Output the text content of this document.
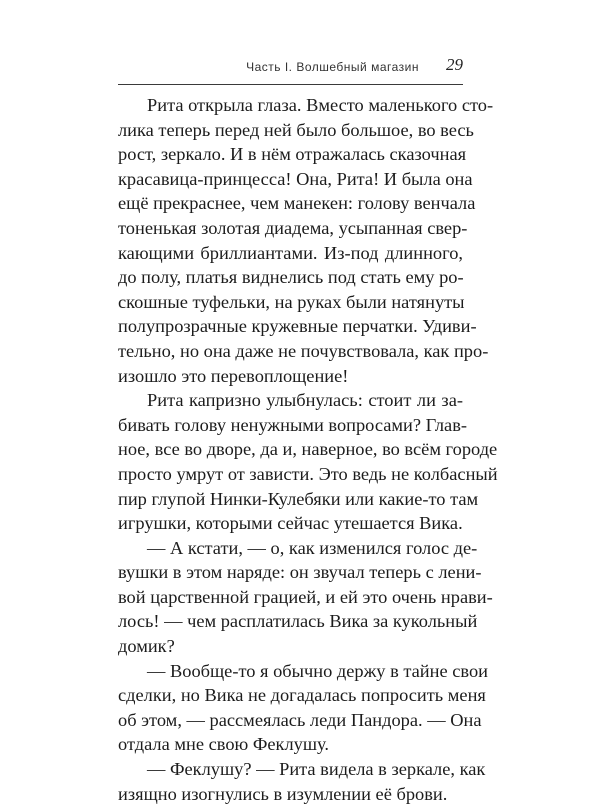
Часть I. Волшебный магазин 29
Рита открыла глаза. Вместо маленького сто-
лика теперь перед ней было большое, во весь
рост, зеркало. И в нём отражалась сказочная
красавица-принцесса! Она, Рита! И была она
ещё прекраснее, чем манекен: голову венчала
тоненькая золотая диадема, усыпанная свер-
кающими бриллиантами. Из-под длинного,
до полу, платья виднелись под стать ему ро-
скошные туфельки, на руках были натянуты
полупрозрачные кружевные перчатки. Удиви-
тельно, но она даже не почувствовала, как про-
изошло это перевоплощение!
Рита капризно улыбнулась: стоит ли за-
бивать голову ненужными вопросами? Глав-
ное, все во дворе, да и, наверное, во всём городе
просто умрут от зависти. Это ведь не колбасный
пир глупой Нинки-Кулебяки или какие-то там
игрушки, которыми сейчас утешается Вика.
— А кстати, — о, как изменился голос де-
вушки в этом наряде: он звучал теперь с лени-
вой царственной грацией, и ей это очень нрави-
лось! — чем расплатилась Вика за кукольный
домик?
— Вообще-то я обычно держу в тайне свои
сделки, но Вика не догадалась попросить меня
об этом, — рассмеялась леди Пандора. — Она
отдала мне свою Феклушу.
— Феклушу? — Рита видела в зеркале, как
изящно изогнулись в изумлении её брови.
